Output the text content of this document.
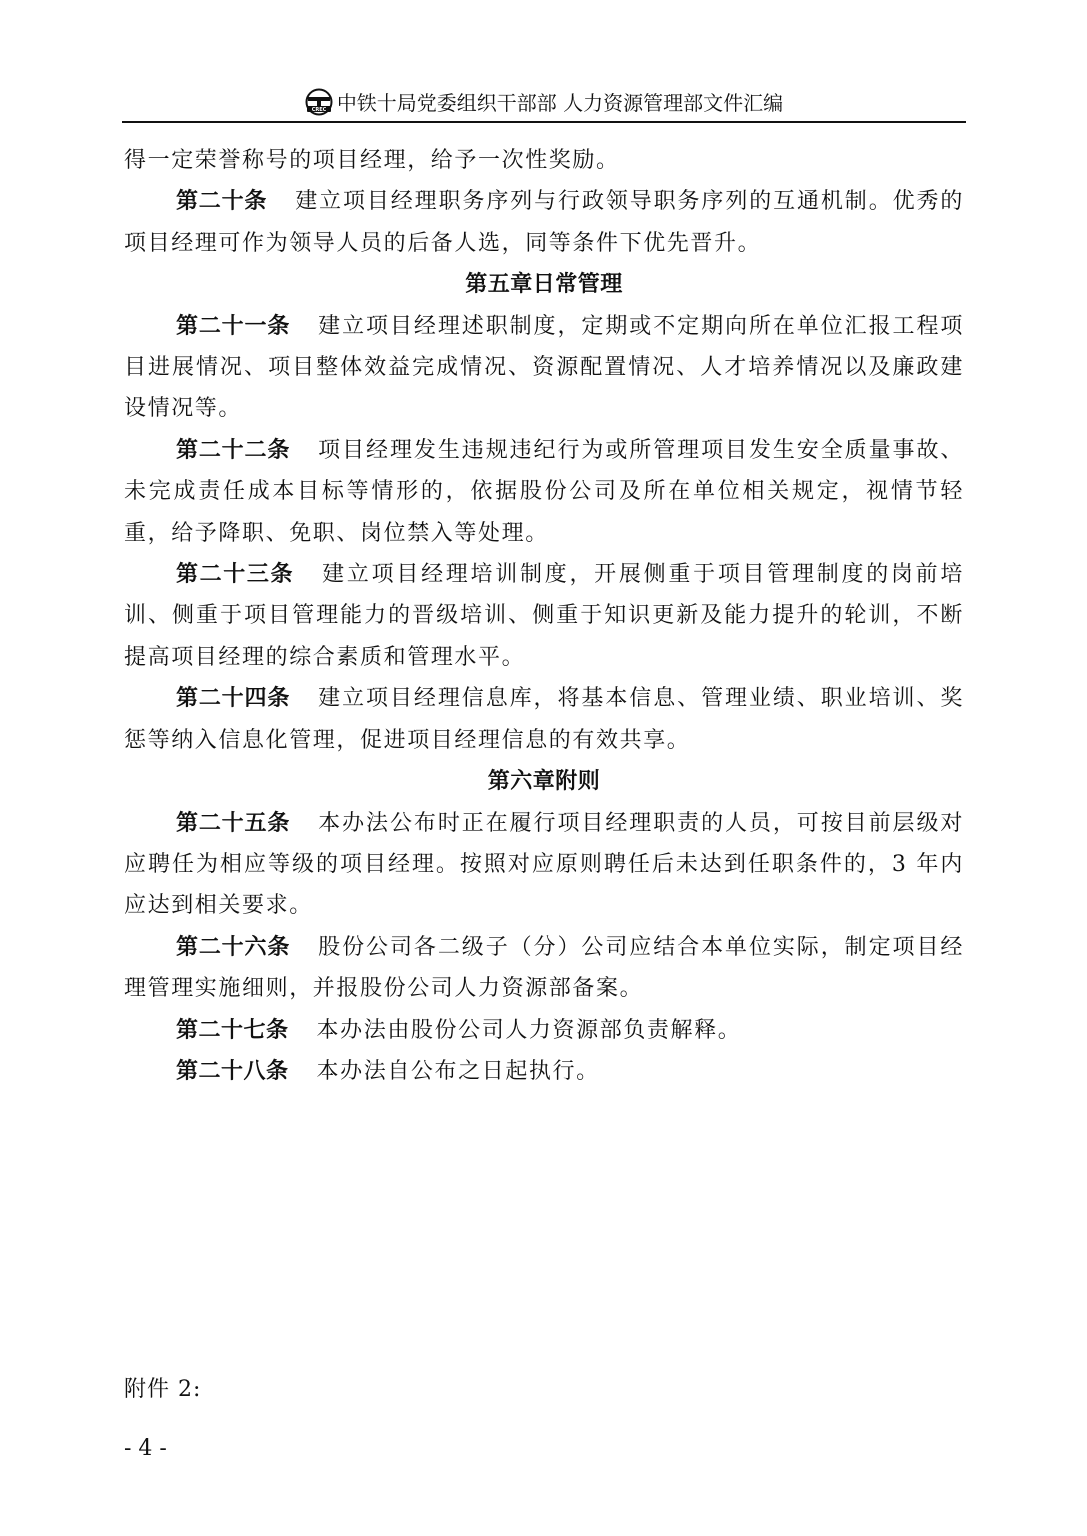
CREC 中铁十局党委组织干部部 人力资源管理部文件汇编

得一定荣誉称号的项目经理，给予一次性奖励。

第二十条 建立项目经理职务序列与行政领导职务序列的互通机制。优秀的项目经理可作为领导人员的后备人选，同等条件下优先晋升。

第五章日常管理

第二十一条 建立项目经理述职制度，定期或不定期向所在单位汇报工程项目进展情况、项目整体效益完成情况、资源配置情况、人才培养情况以及廉政建设情况等。

第二十二条 项目经理发生违规违纪行为或所管理项目发生安全质量事故、未完成责任成本目标等情形的，依据股份公司及所在单位相关规定，视情节轻重，给予降职、免职、岗位禁入等处理。

第二十三条 建立项目经理培训制度，开展侧重于项目管理制度的岗前培训、侧重于项目管理能力的晋级培训、侧重于知识更新及能力提升的轮训，不断提高项目经理的综合素质和管理水平。

第二十四条 建立项目经理信息库，将基本信息、管理业绩、职业培训、奖惩等纳入信息化管理，促进项目经理信息的有效共享。

第六章附则

第二十五条 本办法公布时正在履行项目经理职责的人员，可按目前层级对应聘任为相应等级的项目经理。按照对应原则聘任后未达到任职条件的，3 年内应达到相关要求。

第二十六条 股份公司各二级子（分）公司应结合本单位实际，制定项目经理管理实施细则，并报股份公司人力资源部备案。

第二十七条 本办法由股份公司人力资源部负责解释。

第二十八条 本办法自公布之日起执行。

附件 2:
- 4 -
